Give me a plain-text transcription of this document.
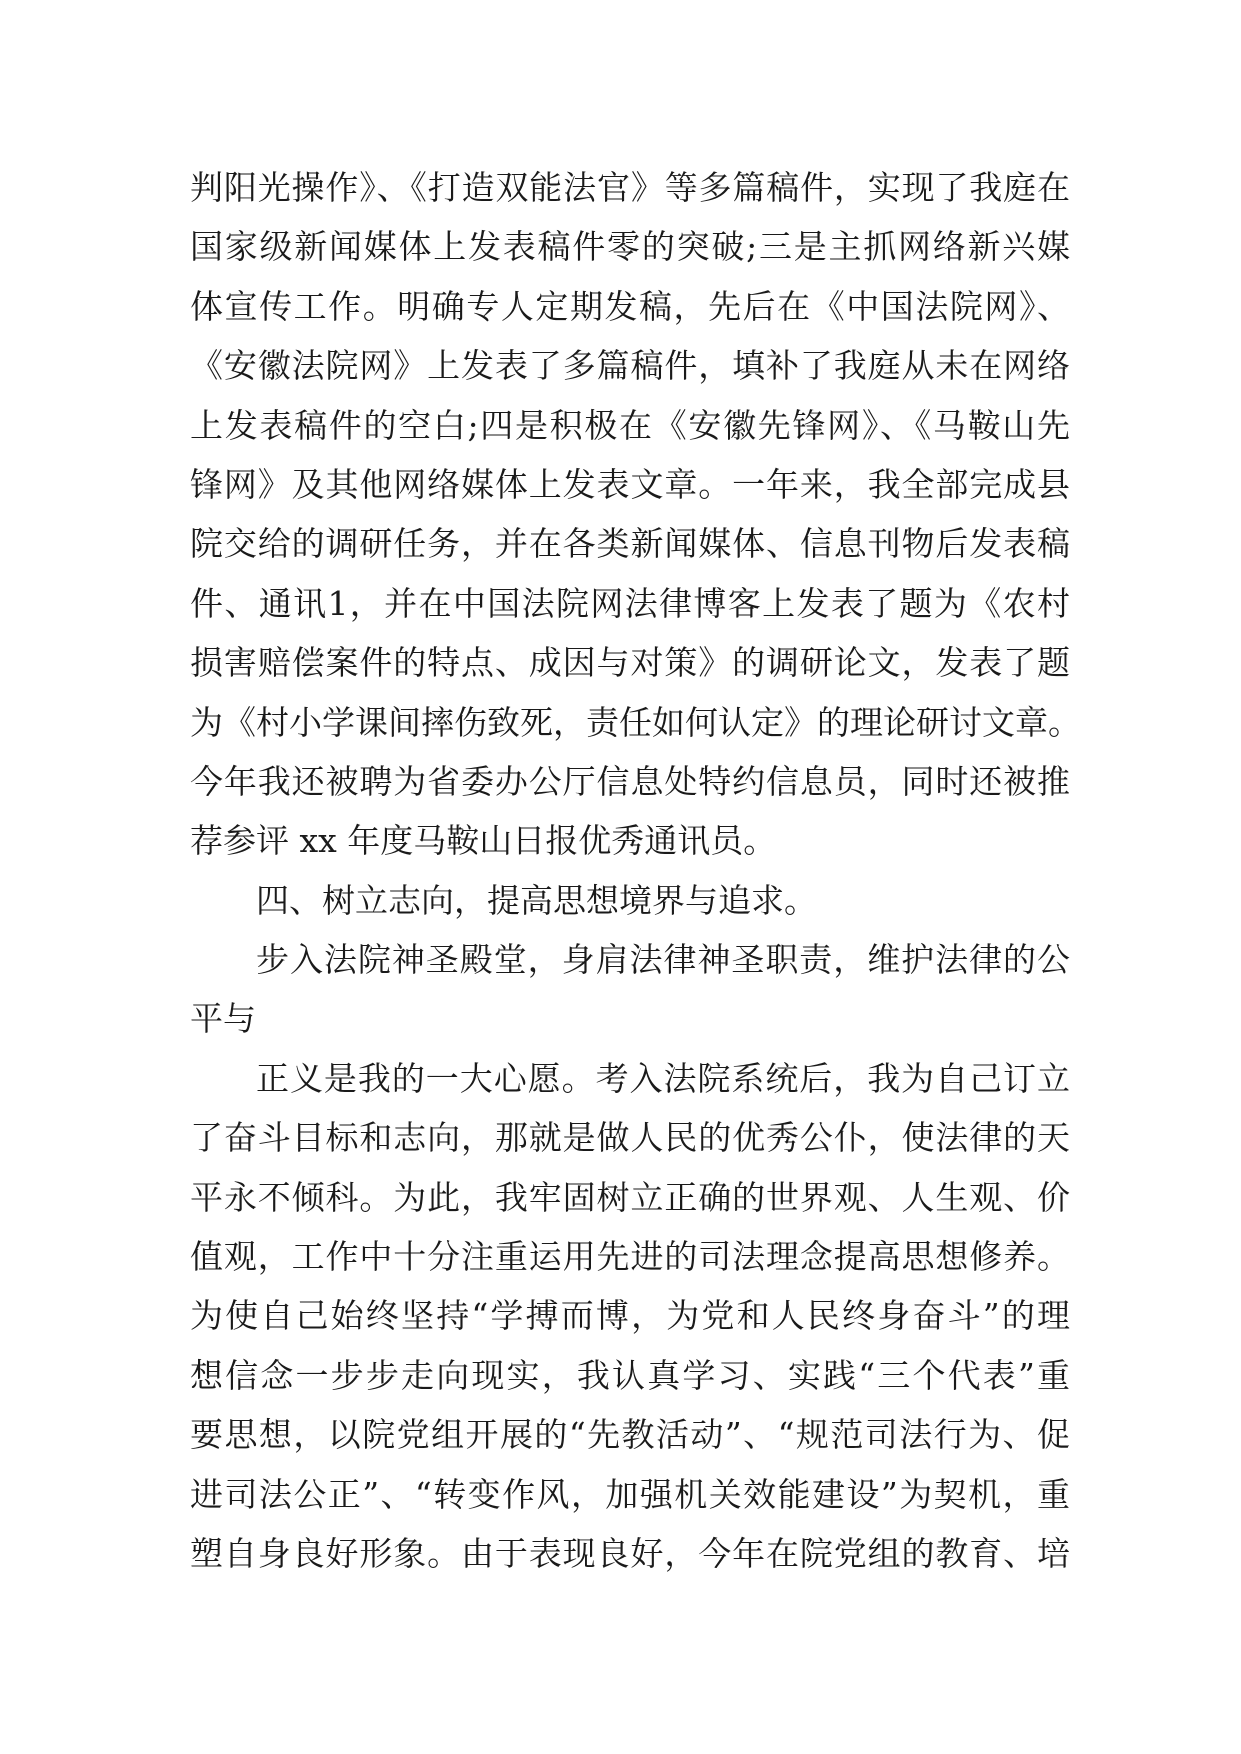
判阳光操作》、《打造双能法官》等多篇稿件，实现了我庭在
国家级新闻媒体上发表稿件零的突破;三是主抓网络新兴媒
体宣传工作。明确专人定期发稿，先后在《中国法院网》、
《安徽法院网》上发表了多篇稿件，填补了我庭从未在网络
上发表稿件的空白;四是积极在《安徽先锋网》、《马鞍山先
锋网》及其他网络媒体上发表文章。一年来，我全部完成县
院交给的调研任务，并在各类新闻媒体、信息刊物后发表稿
件、通讯1，并在中国法院网法律博客上发表了题为《农村
损害赔偿案件的特点、成因与对策》的调研论文，发表了题
为《村小学课间摔伤致死，责任如何认定》的理论研讨文章。
今年我还被聘为省委办公厅信息处特约信息员，同时还被推
荐参评 xx 年度马鞍山日报优秀通讯员。
四、树立志向，提高思想境界与追求。
步入法院神圣殿堂，身肩法律神圣职责，维护法律的公
平与
正义是我的一大心愿。考入法院系统后，我为自己订立
了奋斗目标和志向，那就是做人民的优秀公仆，使法律的天
平永不倾科。为此，我牢固树立正确的世界观、人生观、价
值观，工作中十分注重运用先进的司法理念提高思想修养。
为使自己始终坚持“学搏而博，为党和人民终身奋斗”的理
想信念一步步走向现实，我认真学习、实践“三个代表”重
要思想，以院党组开展的“先教活动”、“规范司法行为、促
进司法公正”、“转变作风，加强机关效能建设”为契机，重
塑自身良好形象。由于表现良好，今年在院党组的教育、培
